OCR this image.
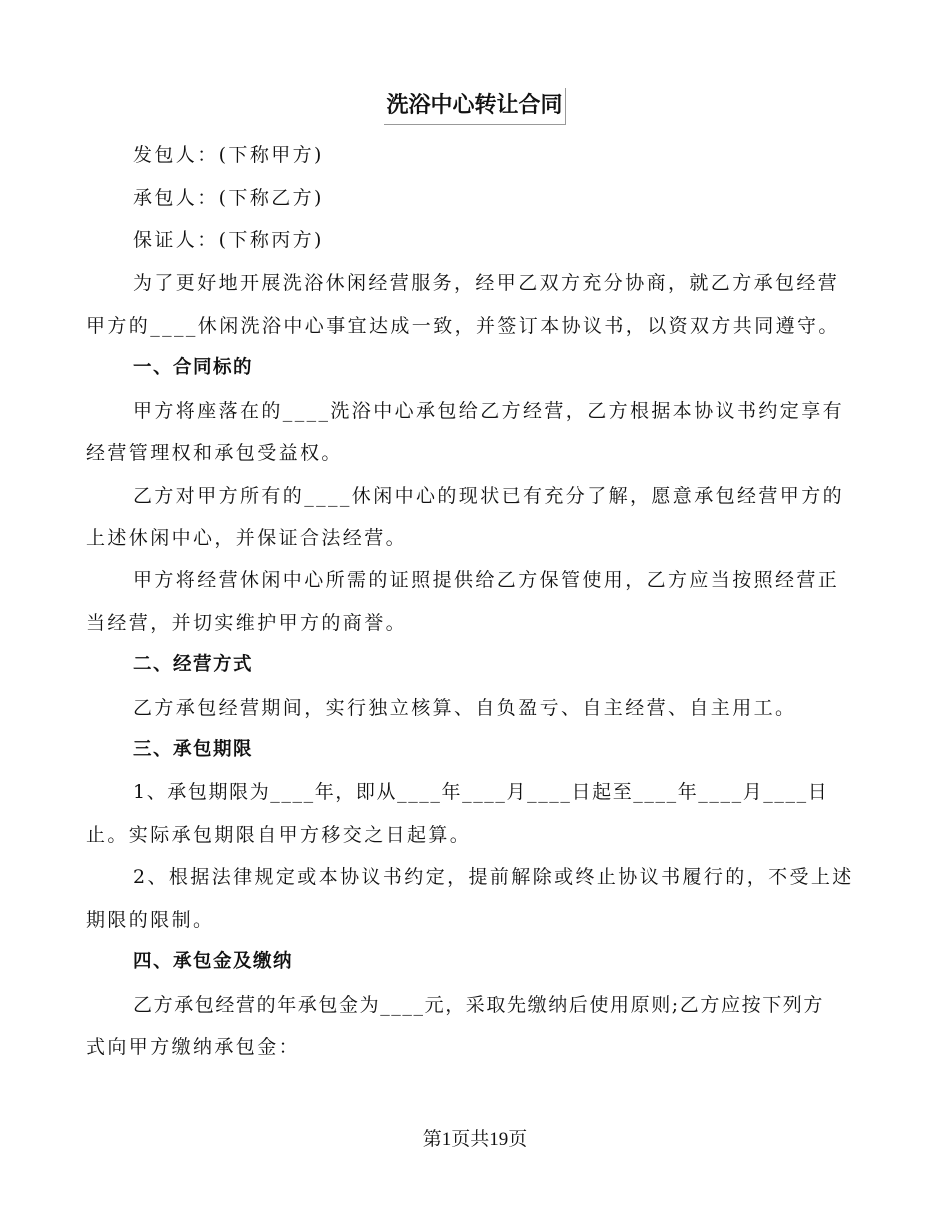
洗浴中心转让合同
发包人：(下称甲方)
承包人：(下称乙方)
保证人：(下称丙方)
为了更好地开展洗浴休闲经营服务，经甲乙双方充分协商，就乙方承包经营
甲方的____休闲洗浴中心事宜达成一致，并签订本协议书，以资双方共同遵守。
一、合同标的
甲方将座落在的____洗浴中心承包给乙方经营，乙方根据本协议书约定享有
经营管理权和承包受益权。
乙方对甲方所有的____休闲中心的现状已有充分了解，愿意承包经营甲方的
上述休闲中心，并保证合法经营。
甲方将经营休闲中心所需的证照提供给乙方保管使用，乙方应当按照经营正
当经营，并切实维护甲方的商誉。
二、经营方式
乙方承包经营期间，实行独立核算、自负盈亏、自主经营、自主用工。
三、承包期限
1、承包期限为____年，即从____年____月____日起至____年____月____日
止。实际承包期限自甲方移交之日起算。
2、根据法律规定或本协议书约定，提前解除或终止协议书履行的，不受上述
期限的限制。
四、承包金及缴纳
乙方承包经营的年承包金为____元，采取先缴纳后使用原则;乙方应按下列方
式向甲方缴纳承包金：
第1页共19页
